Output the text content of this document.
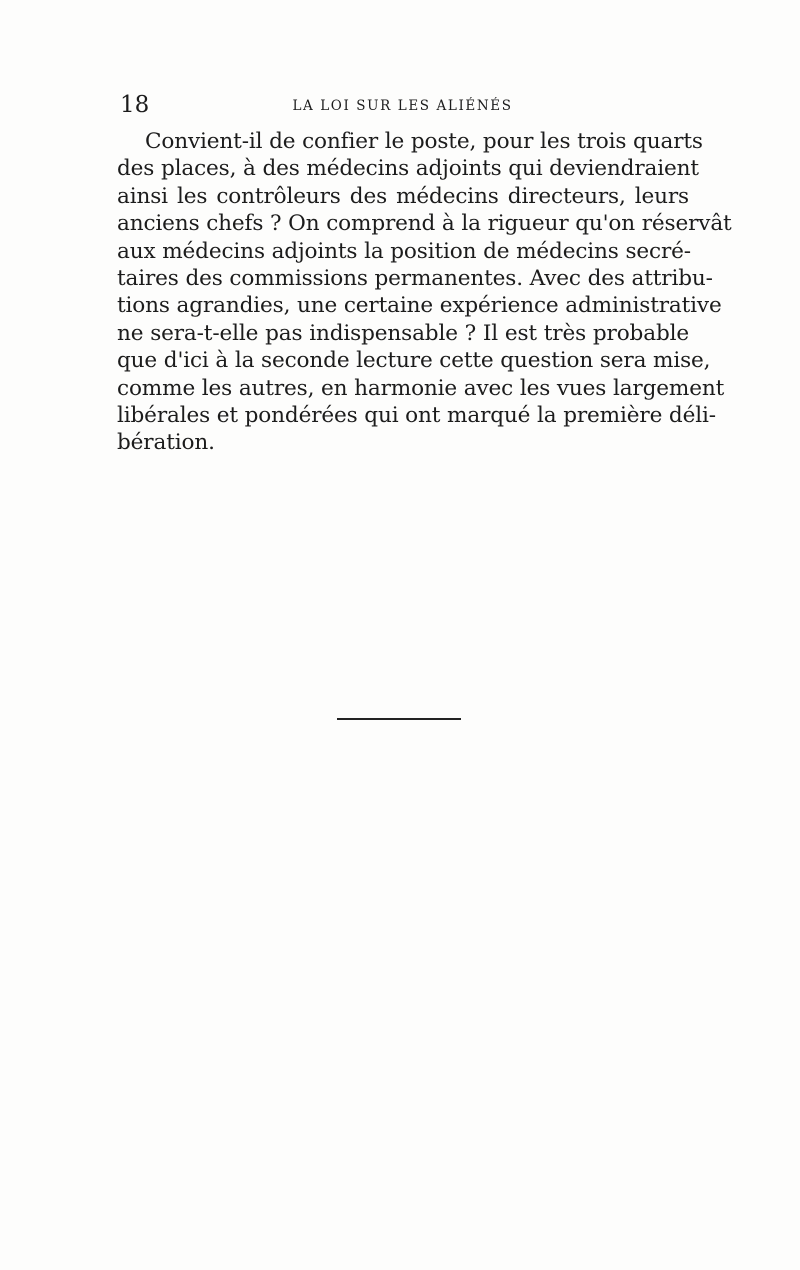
18	LA LOI SUR LES ALIÉNÉS

Convient-il de confier le poste, pour les trois quarts
des places, à des médecins adjoints qui deviendraient
ainsi les contrôleurs des médecins directeurs, leurs
anciens chefs ? On comprend à la rigueur qu'on réservât
aux médecins adjoints la position de médecins secré-
taires des commissions permanentes. Avec des attribu-
tions agrandies, une certaine expérience administrative
ne sera-t-elle pas indispensable ? Il est très probable
que d'ici à la seconde lecture cette question sera mise,
comme les autres, en harmonie avec les vues largement
libérales et pondérées qui ont marqué la première déli-
bération.
